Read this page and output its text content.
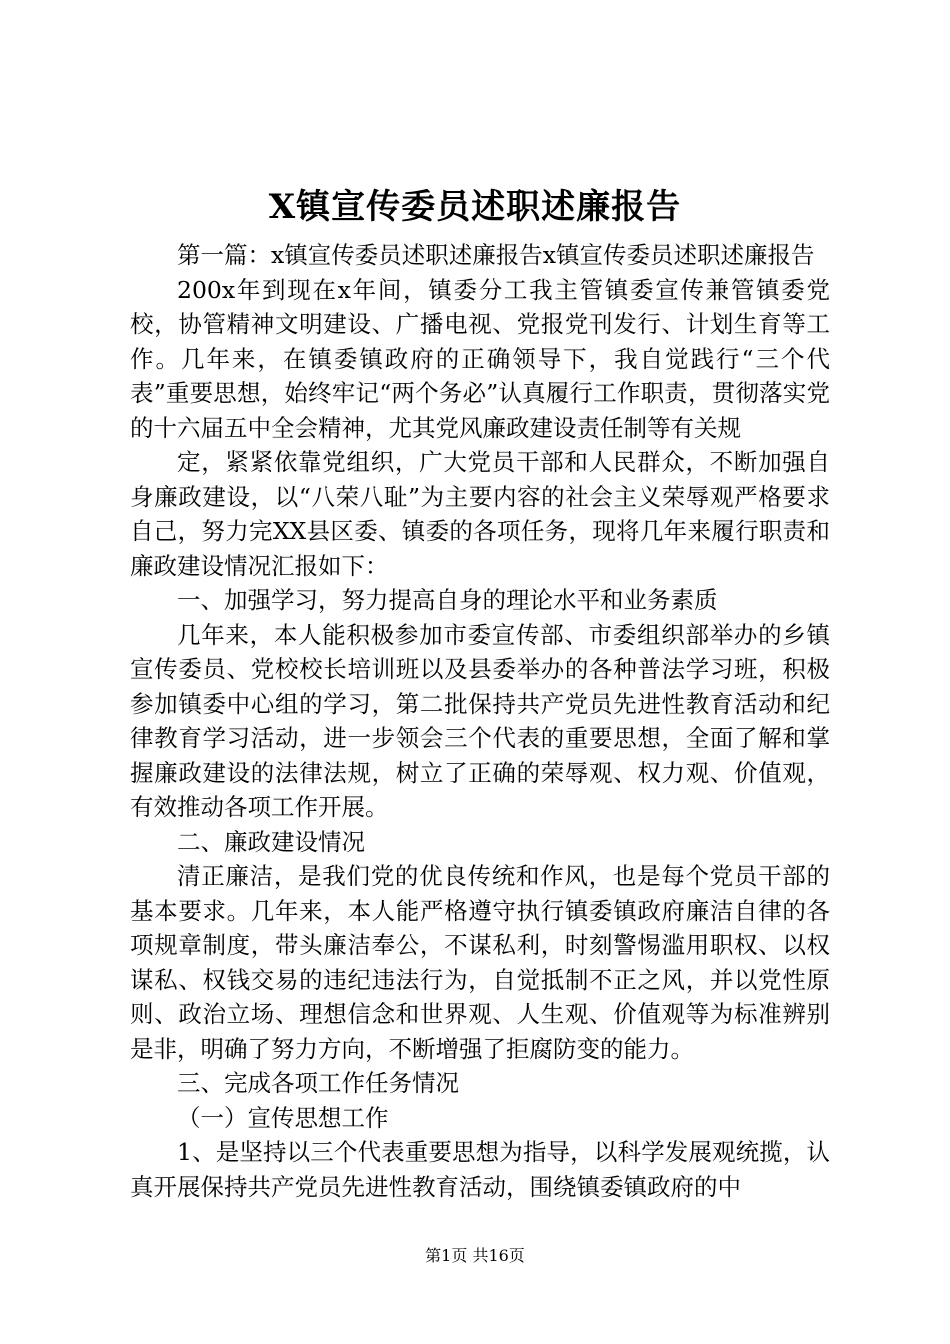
X镇宣传委员述职述廉报告

第一篇：x镇宣传委员述职述廉报告x镇宣传委员述职述廉报告

200x年到现在x年间，镇委分工我主管镇委宣传兼管镇委党校，协管精神文明建设、广播电视、党报党刊发行、计划生育等工作。几年来，在镇委镇政府的正确领导下，我自觉践行“三个代表”重要思想，始终牢记“两个务必”认真履行工作职责，贯彻落实党的十六届五中全会精神，尤其党风廉政建设责任制等有关规

定，紧紧依靠党组织，广大党员干部和人民群众，不断加强自身廉政建设，以“八荣八耻”为主要内容的社会主义荣辱观严格要求自己，努力完XX县区委、镇委的各项任务，现将几年来履行职责和廉政建设情况汇报如下：

一、加强学习，努力提高自身的理论水平和业务素质

几年来，本人能积极参加市委宣传部、市委组织部举办的乡镇宣传委员、党校校长培训班以及县委举办的各种普法学习班，积极参加镇委中心组的学习，第二批保持共产党员先进性教育活动和纪律教育学习活动，进一步领会三个代表的重要思想，全面了解和掌握廉政建设的法律法规，树立了正确的荣辱观、权力观、价值观，有效推动各项工作开展。

二、廉政建设情况

清正廉洁，是我们党的优良传统和作风，也是每个党员干部的基本要求。几年来，本人能严格遵守执行镇委镇政府廉洁自律的各项规章制度，带头廉洁奉公，不谋私利，时刻警惕滥用职权、以权谋私、权钱交易的违纪违法行为，自觉抵制不正之风，并以党性原则、政治立场、理想信念和世界观、人生观、价值观等为标准辨别是非，明确了努力方向，不断增强了拒腐防变的能力。

三、完成各项工作任务情况

（一）宣传思想工作

1、是坚持以三个代表重要思想为指导，以科学发展观统揽，认真开展保持共产党员先进性教育活动，围绕镇委镇政府的中

第1页 共16页
